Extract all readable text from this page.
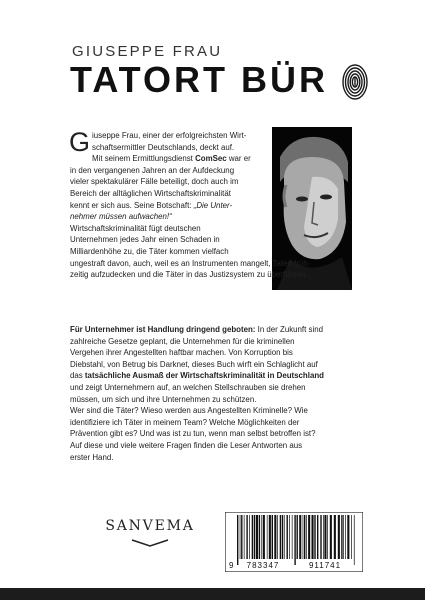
GIUSEPPE FRAU
TATORT BÜR
G iuseppe Frau, einer der erfolgreichsten Wirt-
schaftsermittler Deutschlands, deckt auf.
Mit seinem Ermittlungsdienst ComSec war er
in den vergangenen Jahren an der Aufdeckung
vieler spektakulärer Fälle beteiligt, doch auch im
Bereich der alltäglichen Wirtschaftskriminalität
kennt er sich aus. Seine Botschaft: „Die Unter-
nehmer müssen aufwachen!“
Wirtschaftskriminalität fügt deutschen
Unternehmen jedes Jahr einen Schaden in
Milliardenhöhe zu, die Täter kommen vielfach
ungestraft davon, auch, weil es an Instrumenten mangelt, Taten früh-
zeitig aufzudecken und die Täter in das Justizsystem zu überführen.
Für Unternehmer ist Handlung dringend geboten: In der Zukunft sind
zahlreiche Gesetze geplant, die Unternehmen für die kriminellen
Vergehen ihrer Angestellten haftbar machen. Von Korruption bis
Diebstahl, von Betrug bis Darknet, dieses Buch wirft ein Schlaglicht auf
das tatsächliche Ausmaß der Wirtschaftskriminalität in Deutschland
und zeigt Unternehmern auf, an welchen Stellschrauben sie drehen
müssen, um sich und ihre Unternehmen zu schützen.
Wer sind die Täter? Wieso werden aus Angestellten Kriminelle? Wie
identifiziere ich Täter in meinem Team? Welche Möglichkeiten der
Prävention gibt es? Und was ist zu tun, wenn man selbst betroffen ist?
Auf diese und viele weitere Fragen finden die Leser Antworten aus
erster Hand.
SANVEMA
9 783347	911741
